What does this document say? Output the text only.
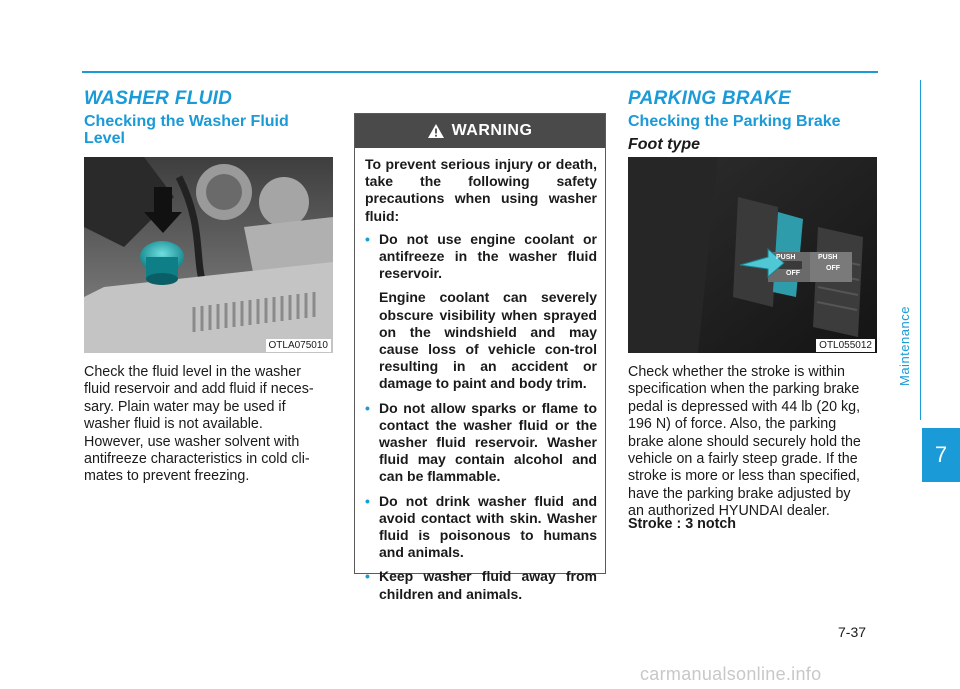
WASHER FLUID
Checking the Washer Fluid
Level
OTLA075010
Check the fluid level in the washer
fluid reservoir and add fluid if neces-
sary. Plain water may be used if
washer fluid is not available.
However, use washer solvent with
antifreeze characteristics in cold cli-
mates to prevent freezing.
WARNING

To prevent serious injury or death, take the following safety precautions when using washer fluid:

• Do not use engine coolant or antifreeze in the washer fluid reservoir.
Engine coolant can severely obscure visibility when sprayed on the windshield and may cause loss of vehicle con-trol resulting in an accident or damage to paint and body trim.
• Do not allow sparks or flame to contact the washer fluid or the washer fluid reservoir. Washer fluid may contain alcohol and can be flammable.
• Do not drink washer fluid and avoid contact with skin. Washer fluid is poisonous to humans and animals.
• Keep washer fluid away from children and animals.
PARKING BRAKE
Checking the Parking Brake
Foot type
PUSH
OFF
PUSH
OFF
OTL055012
Check whether the stroke is within
specification when the parking brake
pedal is depressed with 44 lb (20 kg,
196 N) of force. Also, the parking
brake alone should securely hold the
vehicle on a fairly steep grade. If the
stroke is more or less than specified,
have the parking brake adjusted by
an authorized HYUNDAI dealer.
Stroke : 3 notch
Maintenance
7
7-37
carmanualsonline.info
